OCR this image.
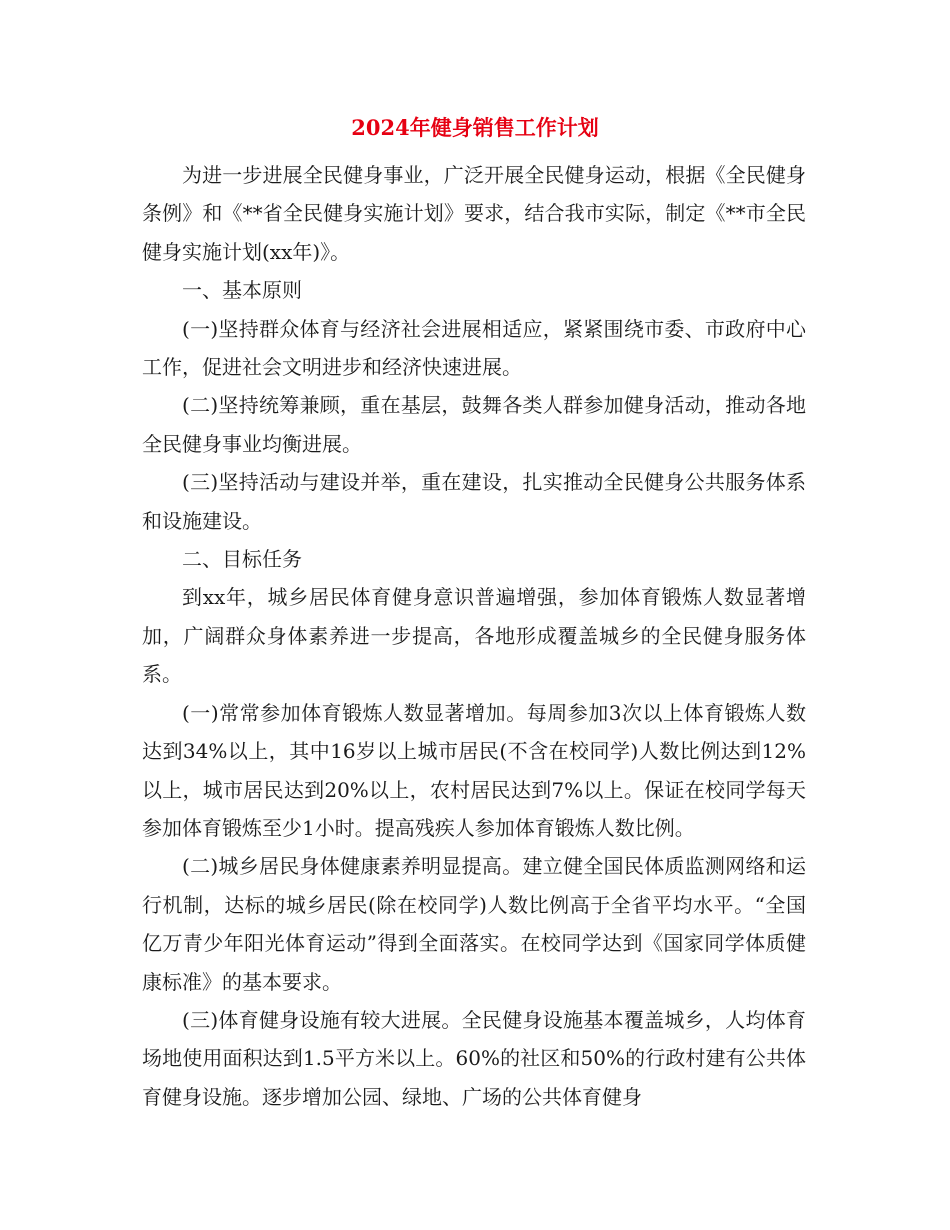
2024年健身销售工作计划

为进一步进展全民健身事业，广泛开展全民健身运动，根据《全民健身条例》和《**省全民健身实施计划》要求，结合我市实际，制定《**市全民健身实施计划(xx年)》。

一、基本原则

(一)坚持群众体育与经济社会进展相适应，紧紧围绕市委、市政府中心工作，促进社会文明进步和经济快速进展。

(二)坚持统筹兼顾，重在基层，鼓舞各类人群参加健身活动，推动各地全民健身事业均衡进展。

(三)坚持活动与建设并举，重在建设，扎实推动全民健身公共服务体系和设施建设。

二、目标任务

到xx年，城乡居民体育健身意识普遍增强，参加体育锻炼人数显著增加，广阔群众身体素养进一步提高，各地形成覆盖城乡的全民健身服务体系。

(一)常常参加体育锻炼人数显著增加。每周参加3次以上体育锻炼人数达到34%以上，其中16岁以上城市居民(不含在校同学)人数比例达到12%以上，城市居民达到20%以上，农村居民达到7%以上。保证在校同学每天参加体育锻炼至少1小时。提高残疾人参加体育锻炼人数比例。

(二)城乡居民身体健康素养明显提高。建立健全国民体质监测网络和运行机制，达标的城乡居民(除在校同学)人数比例高于全省平均水平。“全国亿万青少年阳光体育运动”得到全面落实。在校同学达到《国家同学体质健康标准》的基本要求。

(三)体育健身设施有较大进展。全民健身设施基本覆盖城乡，人均体育场地使用面积达到1.5平方米以上。60%的社区和50%的行政村建有公共体育健身设施。逐步增加公园、绿地、广场的公共体育健身
